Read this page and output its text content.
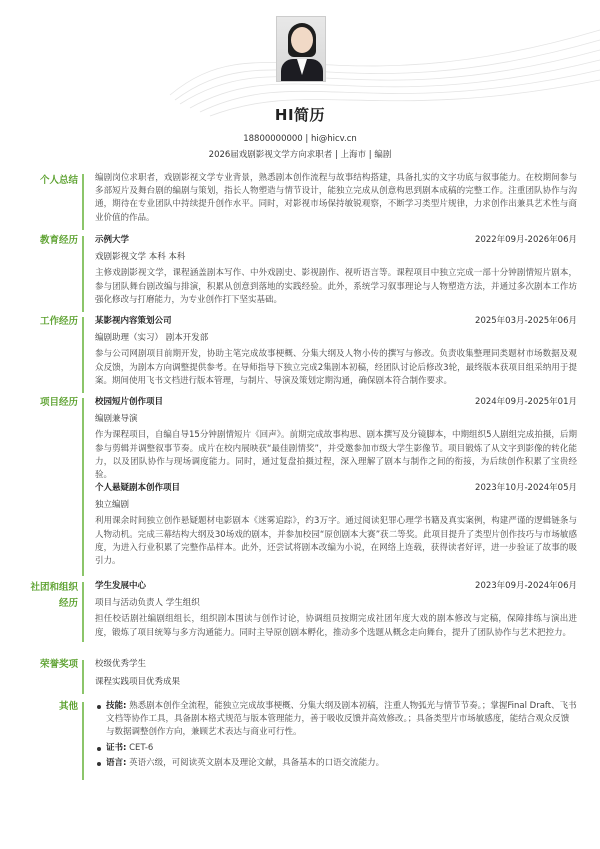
HI简历
18800000000 | hi@hicv.cn
2026届戏剧影视文学方向求职者 | 上海市 | 编剧
个人总结 编剧岗位求职者，戏剧影视文学专业背景，熟悉剧本创作流程与故事结构搭建，具备扎实的文字功底与叙事能力。在校期间参与多部短片及舞台剧的编剧与策划，指长人物塑造与情节设计，能独立完成从创意构思到剧本成稿的完整工作。注重团队协作与沟通，期待在专业团队中持续提升创作水平。同时，对影视市场保持敏锐观察，不断学习类型片规律，力求创作出兼具艺术性与商业价值的作品。
教育经历 示例大学	2022年09月-2026年06月
戏剧影视文学 本科 本科
主修戏剧影视文学，课程涵盖剧本写作、中外戏剧史、影视剧作、视听语言等。课程项目中独立完成一部十分钟剧情短片剧本，参与团队舞台剧改编与排演，积累从创意到落地的实践经验。此外，系统学习叙事理论与人物塑造方法，并通过多次剧本工作坊强化修改与打磨能力，为专业创作打下坚实基础。
工作经历 某影视内容策划公司	2025年03月-2025年06月
编剧助理（实习） 剧本开发部
参与公司网剧项目前期开发，协助主笔完成故事梗概、分集大纲及人物小传的撰写与修改。负责收集整理同类题材市场数据及观众反馈，为剧本方向调整提供参考。在导师指导下独立完成2集剧本初稿，经团队讨论后修改3轮，最终版本获项目组采纳用于提案。期间使用飞书文档进行版本管理，与制片、导演及策划定期沟通，确保剧本符合制作要求。
项目经历 校园短片创作项目	2024年09月-2025年01月
编剧兼导演
作为课程项目，自编自导15分钟剧情短片《回声》。前期完成故事构思、剧本撰写及分镜脚本，中期组织5人剧组完成拍摄，后期参与剪辑并调整叙事节奏。成片在校内展映获“最佳剧情奖”，并受邀参加市级大学生影像节。项目锻炼了从文字到影像的转化能力，以及团队协作与现场调度能力。同时，通过复盘拍摄过程，深入理解了剧本与制作之间的衔接，为后续创作积累了宝贵经验。
个人悬疑剧本创作项目	2023年10月-2024年05月
独立编剧
利用课余时间独立创作悬疑题材电影剧本《迷雾追踪》，约3万字。通过阅读犯罪心理学书籍及真实案例，构建严谨的逻辑链条与人物动机。完成三幕结构大纲及30场戏的剧本，并参加校园“原创剧本大赛”获二等奖。此项目提升了类型片创作技巧与市场敏感度，为进入行业积累了完整作品样本。此外，还尝试将剧本改编为小说，在网络上连载，获得读者好评，进一步验证了故事的吸引力。
社团和组织
经历
学生发展中心	2023年09月-2024年06月
项目与活动负责人 学生组织
担任校话剧社编剧组组长，组织剧本围读与创作讨论，协调组员按期完成社团年度大戏的剧本修改与定稿，保障排练与演出进度，锻炼了项目统筹与多方沟通能力。同时主导原创剧本孵化，推动多个选题从概念走向舞台，提升了团队协作与艺术把控力。
荣誉奖项 校级优秀学生
课程实践项目优秀成果
其他	技能: 熟悉剧本创作全流程，能独立完成故事梗概、分集大纲及剧本初稿，注重人物弧光与情节节奏。；掌握Final Draft、飞书文档等协作工具，具备剧本格式规范与版本管理能力，善于吸收反馈并高效修改。；具备类型片市场敏感度，能结合观众反馈与数据调整创作方向，兼顾艺术表达与商业可行性。
证书: CET-6
语言: 英语六级，可阅读英文剧本及理论文献，具备基本的口语交流能力。
